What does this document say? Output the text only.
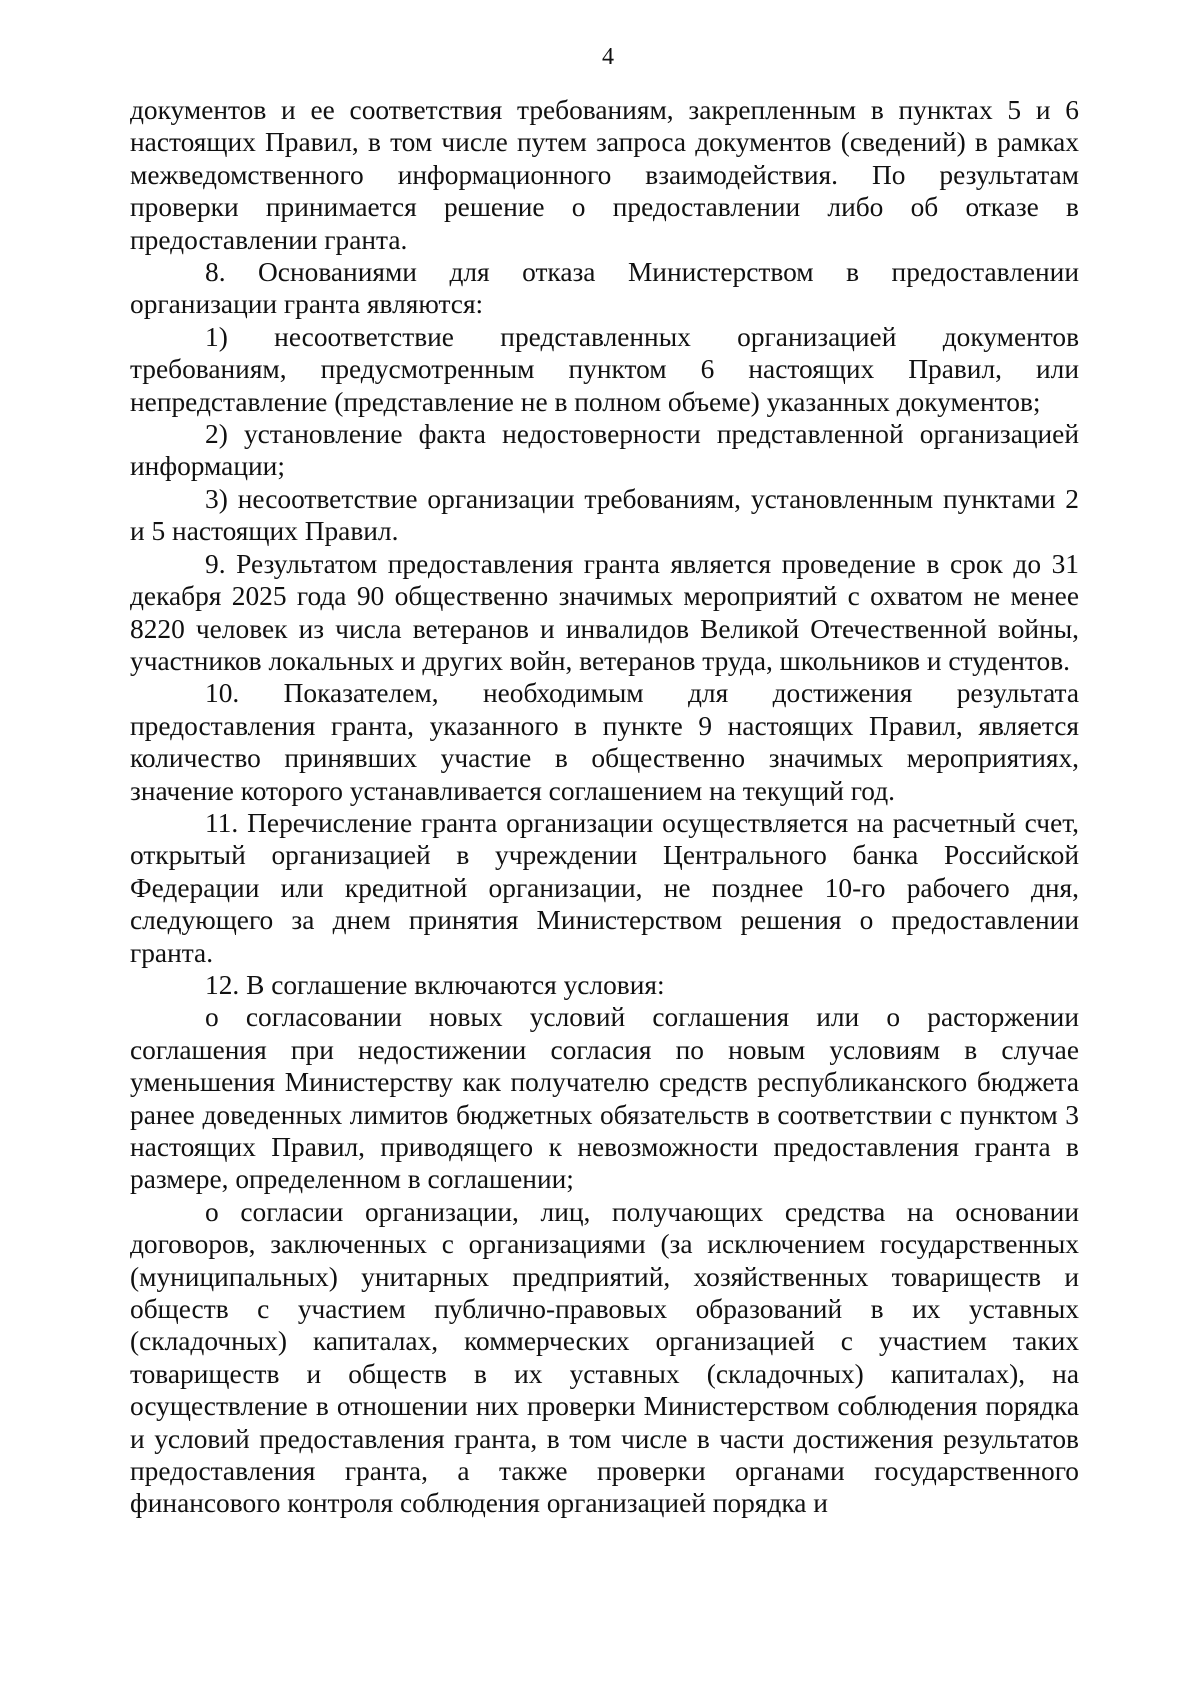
4

документов и ее соответствия требованиям, закрепленным в пунктах 5 и 6 настоящих Правил, в том числе путем запроса документов (сведений) в рамках межведомственного информационного взаимодействия. По результатам проверки принимается решение о предоставлении либо об отказе в предоставлении гранта.

8. Основаниями для отказа Министерством в предоставлении организации гранта являются:

1) несоответствие представленных организацией документов требованиям, предусмотренным пунктом 6 настоящих Правил, или непредставление (представление не в полном объеме) указанных документов;

2) установление факта недостоверности представленной организацией информации;

3) несоответствие организации требованиям, установленным пунктами 2 и 5 настоящих Правил.

9. Результатом предоставления гранта является проведение в срок до 31 декабря 2025 года 90 общественно значимых мероприятий с охватом не менее 8220 человек из числа ветеранов и инвалидов Великой Отечественной войны, участников локальных и других войн, ветеранов труда, школьников и студентов.

10. Показателем, необходимым для достижения результата предоставления гранта, указанного в пункте 9 настоящих Правил, является количество принявших участие в общественно значимых мероприятиях, значение которого устанавливается соглашением на текущий год.

11. Перечисление гранта организации осуществляется на расчетный счет, открытый организацией в учреждении Центрального банка Российской Федерации или кредитной организации, не позднее 10-го рабочего дня, следующего за днем принятия Министерством решения о предоставлении гранта.

12. В соглашение включаются условия:

о согласовании новых условий соглашения или о расторжении соглашения при недостижении согласия по новым условиям в случае уменьшения Министерству как получателю средств республиканского бюджета ранее доведенных лимитов бюджетных обязательств в соответствии с пунктом 3 настоящих Правил, приводящего к невозможности предоставления гранта в размере, определенном в соглашении;

о согласии организации, лиц, получающих средства на основании договоров, заключенных с организациями (за исключением государственных (муниципальных) унитарных предприятий, хозяйственных товариществ и обществ с участием публично-правовых образований в их уставных (складочных) капиталах, коммерческих организацией с участием таких товариществ и обществ в их уставных (складочных) капиталах), на осуществление в отношении них проверки Министерством соблюдения порядка и условий предоставления гранта, в том числе в части достижения результатов предоставления гранта, а также проверки органами государственного финансового контроля соблюдения организацией порядка и
